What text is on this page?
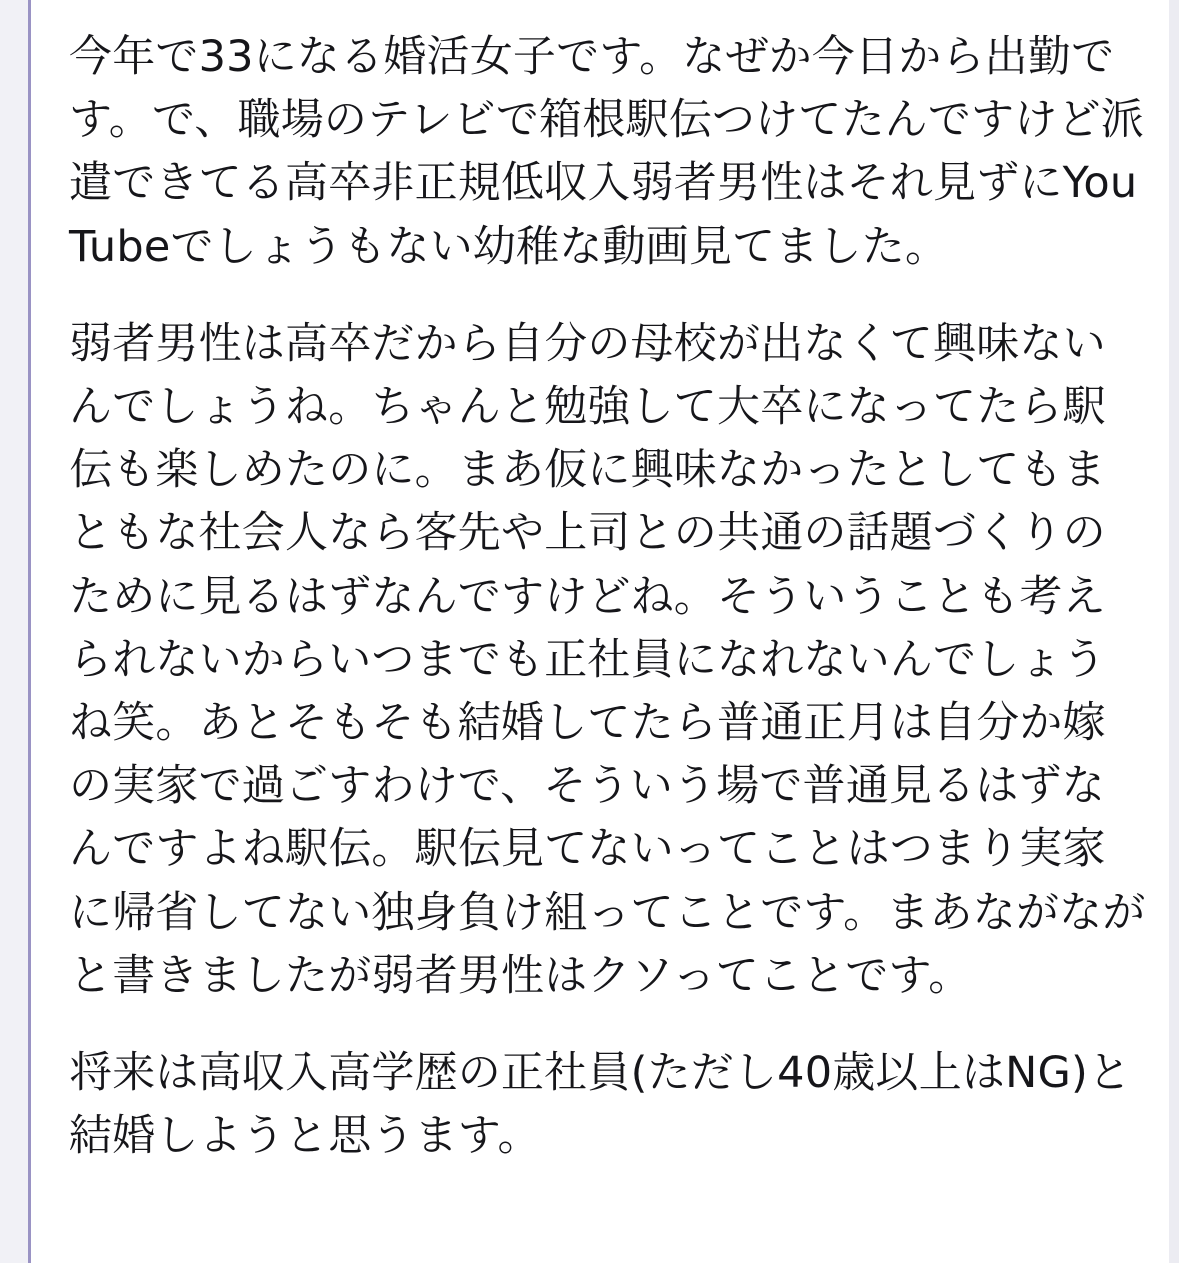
今年で33になる婚活女子です。なぜか今日から出勤です。で、職場のテレビで箱根駅伝つけてたんですけど派遣できてる高卒非正規低収入弱者男性はそれ見ずにYouTubeでしょうもない幼稚な動画見てました。

弱者男性は高卒だから自分の母校が出なくて興味ないんでしょうね。ちゃんと勉強して大卒になってたら駅伝も楽しめたのに。まあ仮に興味なかったとしてもまともな社会人なら客先や上司との共通の話題づくりのために見るはずなんですけどね。そういうことも考えられないからいつまでも正社員になれないんでしょうね笑。あとそもそも結婚してたら普通正月は自分か嫁の実家で過ごすわけで、そういう場で普通見るはずなんですよね駅伝。駅伝見てないってことはつまり実家に帰省してない独身負け組ってことです。まあながながと書きましたが弱者男性はクソってことです。

将来は高収入高学歴の正社員(ただし40歳以上はNG)と結婚しようと思うます。
